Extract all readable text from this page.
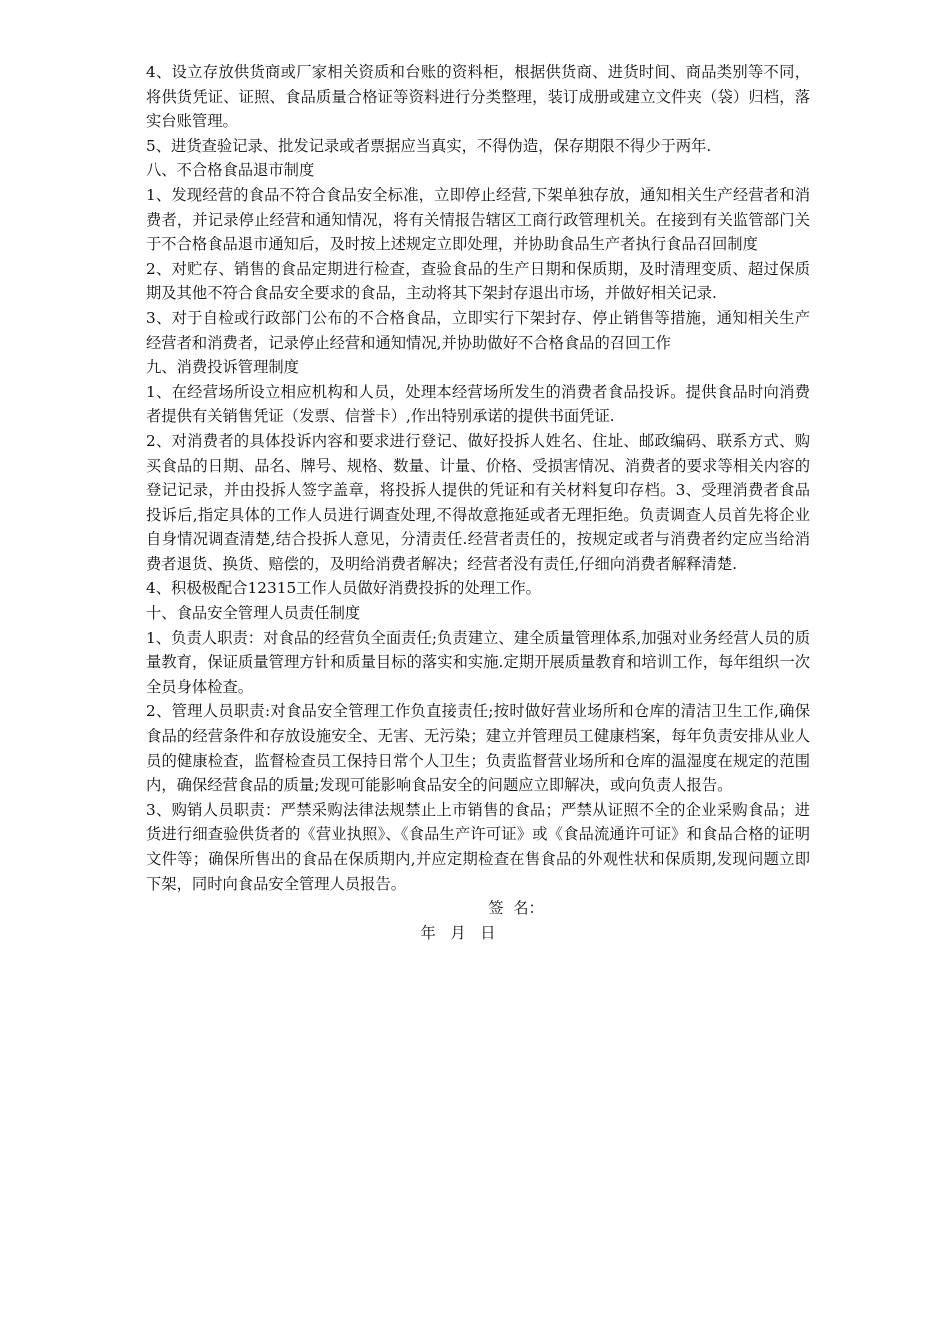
4、设立存放供货商或厂家相关资质和台账的资料柜，根据供货商、进货时间、商品类别等不同，将供货凭证、证照、食品质量合格证等资料进行分类整理，装订成册或建立文件夹（袋）归档，落实台账管理。

5、进货查验记录、批发记录或者票据应当真实，不得伪造，保存期限不得少于两年.

八、不合格食品退市制度

1、发现经营的食品不符合食品安全标准，立即停止经营,下架单独存放，通知相关生产经营者和消费者，并记录停止经营和通知情况，将有关情报告辖区工商行政管理机关。在接到有关监管部门关于不合格食品退市通知后，及时按上述规定立即处理，并协助食品生产者执行食品召回制度

2、对贮存、销售的食品定期进行检查，查验食品的生产日期和保质期，及时清理变质、超过保质期及其他不符合食品安全要求的食品，主动将其下架封存退出市场，并做好相关记录.

3、对于自检或行政部门公布的不合格食品，立即实行下架封存、停止销售等措施，通知相关生产经营者和消费者，记录停止经营和通知情况,并协助做好不合格食品的召回工作

九、消费投诉管理制度

1、在经营场所设立相应机构和人员，处理本经营场所发生的消费者食品投诉。提供食品时向消费者提供有关销售凭证（发票、信誉卡）,作出特别承诺的提供书面凭证.

2、对消费者的具体投诉内容和要求进行登记、做好投拆人姓名、住址、邮政编码、联系方式、购买食品的日期、品名、牌号、规格、数量、计量、价格、受损害情况、消费者的要求等相关内容的登记记录，并由投拆人签字盖章，将投拆人提供的凭证和有关材料复印存档。3、受理消费者食品投诉后,指定具体的工作人员进行调查处理,不得故意拖延或者无理拒绝。负责调查人员首先将企业自身情况调查清楚,结合投拆人意见，分清责任.经营者责任的，按规定或者与消费者约定应当给消费者退货、换货、赔偿的，及明给消费者解决；经营者没有责任,仔细向消费者解释清楚.

4、积极极配合12315工作人员做好消费投拆的处理工作。

十、食品安全管理人员责任制度

1、负责人职责：对食品的经营负全面责任;负责建立、建全质量管理体系,加强对业务经营人员的质量教育，保证质量管理方针和质量目标的落实和实施.定期开展质量教育和培训工作，每年组织一次全员身体检查。

2、管理人员职责:对食品安全管理工作负直接责任;按时做好营业场所和仓库的清洁卫生工作,确保食品的经营条件和存放设施安全、无害、无污染；建立并管理员工健康档案，每年负责安排从业人员的健康检查，监督检查员工保持日常个人卫生；负责监督营业场所和仓库的温湿度在规定的范围内，确保经营食品的质量;发现可能影响食品安全的问题应立即解决，或向负责人报告。

3、购销人员职责：严禁采购法律法规禁止上市销售的食品；严禁从证照不全的企业采购食品；进货进行细查验供货者的《营业执照》、《食品生产许可证》或《食品流通许可证》和食品合格的证明文件等；确保所售出的食品在保质期内,并应定期检查在售食品的外观性状和保质期,发现问题立即下架，同时向食品安全管理人员报告。

签  名：

年   月   日
